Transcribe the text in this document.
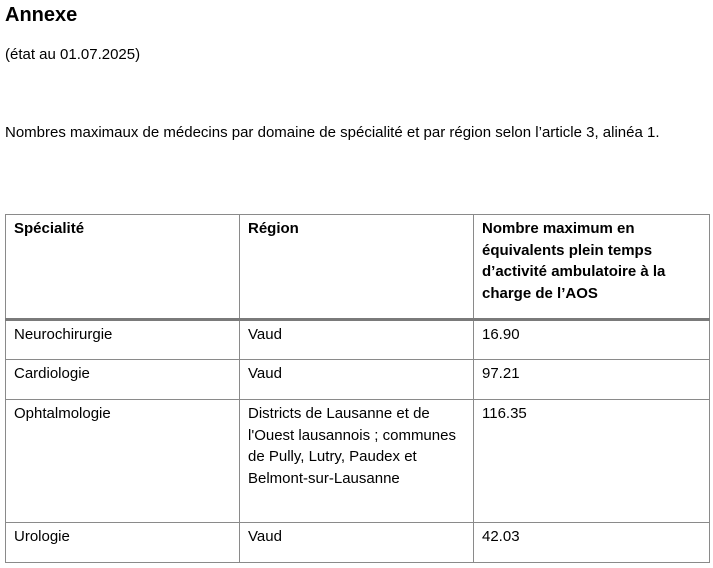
Annexe
(état au 01.07.2025)
Nombres maximaux de médecins par domaine de spécialité et par région selon l’article 3, alinéa 1.
Spécialité	Région	Nombre maximum en équivalents plein temps d’activité ambulatoire à la charge de l’AOS
Neurochirurgie	Vaud	16.90
Cardiologie	Vaud	97.21
Ophtalmologie	Districts de Lausanne et de l'Ouest lausannois ; communes de Pully, Lutry, Paudex et Belmont-sur-Lausanne	116.35
Urologie	Vaud	42.03
